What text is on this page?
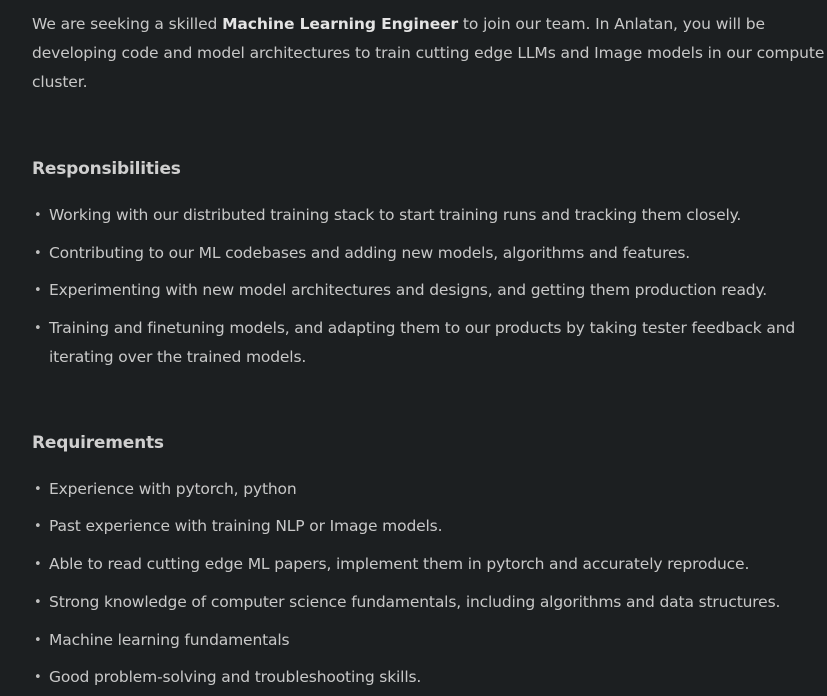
We are seeking a skilled Machine Learning Engineer to join our team. In Anlatan, you will be developing code and model architectures to train cutting edge LLMs and Image models in our compute cluster.

Responsibilities
• Working with our distributed training stack to start training runs and tracking them closely.
• Contributing to our ML codebases and adding new models, algorithms and features.
• Experimenting with new model architectures and designs, and getting them production ready.
• Training and finetuning models, and adapting them to our products by taking tester feedback and iterating over the trained models.
Requirements
• Experience with pytorch, python
• Past experience with training NLP or Image models.
• Able to read cutting edge ML papers, implement them in pytorch and accurately reproduce.
• Strong knowledge of computer science fundamentals, including algorithms and data structures.
• Machine learning fundamentals
• Good problem-solving and troubleshooting skills.
